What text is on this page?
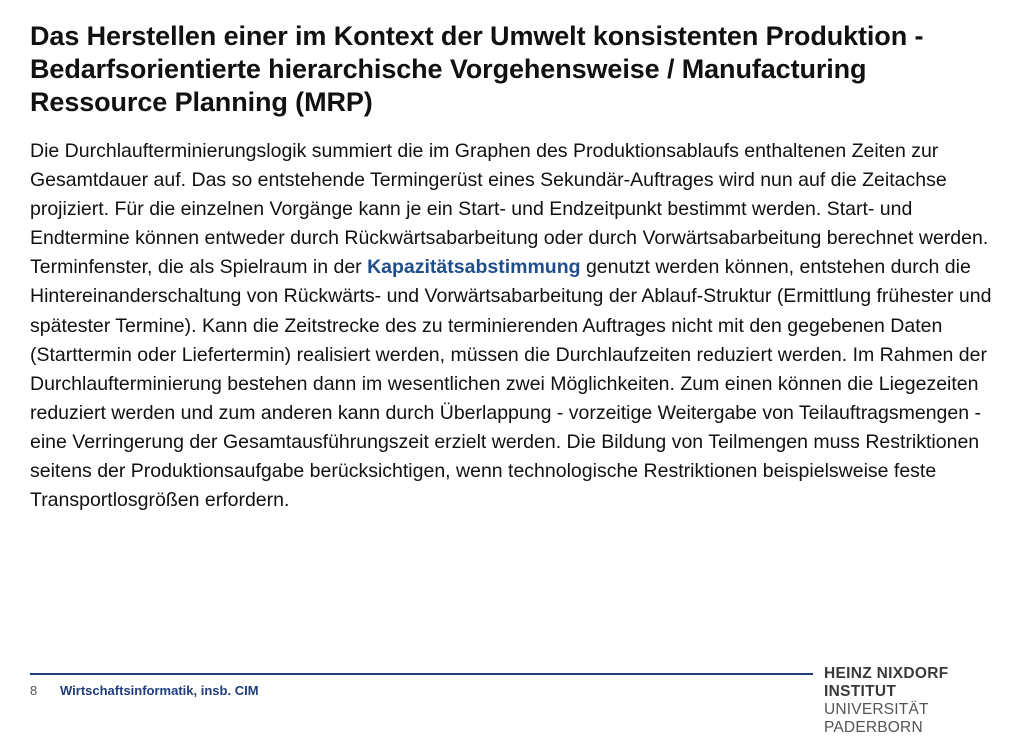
Das Herstellen einer im Kontext der Umwelt konsistenten Produktion - Bedarfsorientierte hierarchische Vorgehensweise / Manufacturing Ressource Planning (MRP)

Die Durchlaufterminierungslogik summiert die im Graphen des Produktionsablaufs enthaltenen Zeiten zur Gesamtdauer auf. Das so entstehende Termingerüst eines Sekundär-Auftrages wird nun auf die Zeitachse projiziert. Für die einzelnen Vorgänge kann je ein Start- und Endzeitpunkt bestimmt werden. Start- und Endtermine können entweder durch Rückwärtsabarbeitung oder durch Vorwärtsabarbeitung berechnet werden. Terminfenster, die als Spielraum in der Kapazitätsabstimmung genutzt werden können, entstehen durch die Hintereinanderschaltung von Rückwärts- und Vorwärtsabarbeitung der Ablauf-Struktur (Ermittlung frühester und spätester Termine). Kann die Zeitstrecke des zu terminierenden Auftrages nicht mit den gegebenen Daten (Starttermin oder Liefertermin) realisiert werden, müssen die Durchlaufzeiten reduziert werden. Im Rahmen der Durchlaufterminierung bestehen dann im wesentlichen zwei Möglichkeiten. Zum einen können die Liegezeiten reduziert werden und zum anderen kann durch Überlappung - vorzeitige Weitergabe von Teilauftragsmengen - eine Verringerung der Gesamtausführungszeit erzielt werden. Die Bildung von Teilmengen muss Restriktionen seitens der Produktionsaufgabe berücksichtigen, wenn technologische Restriktionen beispielsweise feste Transportlosgrößen erfordern.

8 Wirtschaftsinformatik, insb. CIM
HEINZ NIXDORF INSTITUT
UNIVERSITÄT PADERBORN
